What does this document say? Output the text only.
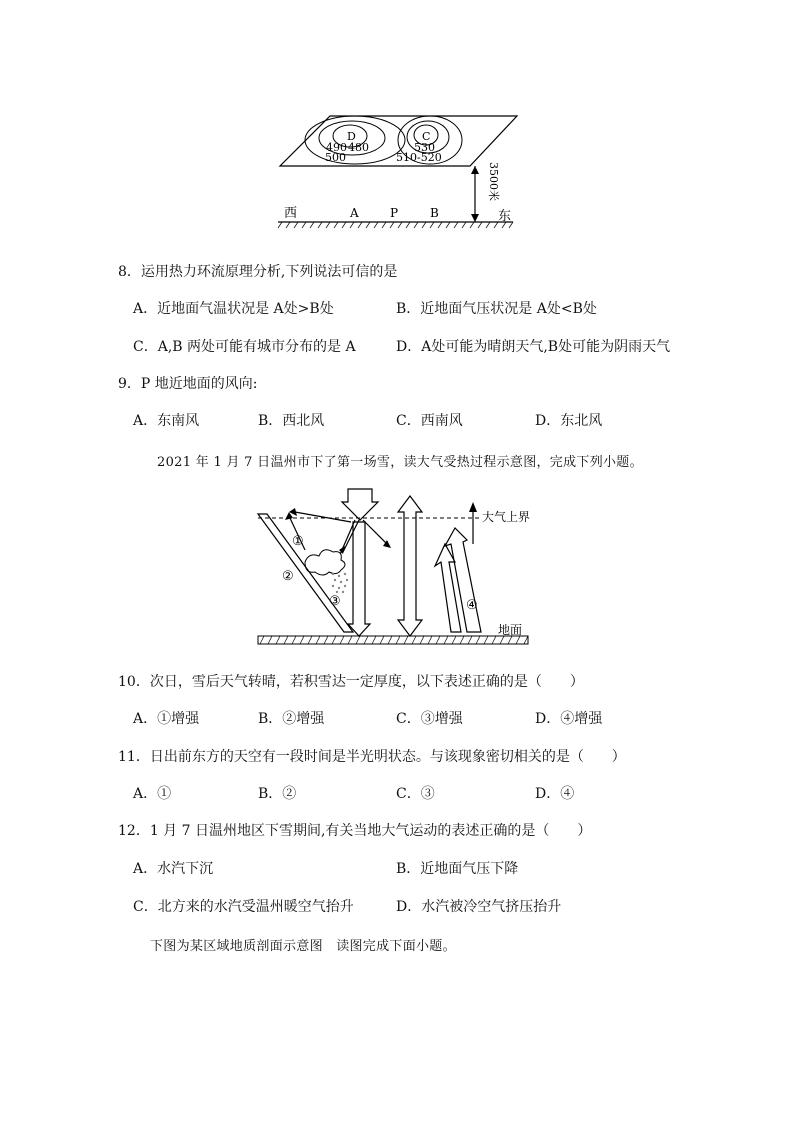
D
490 480
500
C
530
510-520
3500米
西	A	P	B	东
8．运用热力环流原理分析,下列说法可信的是
A．近地面气温状况是 A处>B处	B．近地面气压状况是 A处<B处
C．A,B 两处可能有城市分布的是 A	D．A处可能为晴朗天气,B处可能为阴雨天气
9．P 地近地面的风向:
A．东南风	B．西北风	C．西南风	D．东北风
2021 年 1 月 7 日温州市下了第一场雪，读大气受热过程示意图，完成下列小题。
大气上界
地面
①
②
③	④
10．次日，雪后天气转晴，若积雪达一定厚度，以下表述正确的是（　　）
A．①增强	B．②增强	C．③增强	D．④增强
11．日出前东方的天空有一段时间是半光明状态。与该现象密切相关的是（　　）
A．①	B．②	C．③	D．④
12．1 月 7 日温州地区下雪期间,有关当地大气运动的表述正确的是（　　）
A．水汽下沉	B．近地面气压下降
C．北方来的水汽受温州暖空气抬升	D．水汽被冷空气挤压抬升
下图为某区域地质剖面示意图　读图完成下面小题。
